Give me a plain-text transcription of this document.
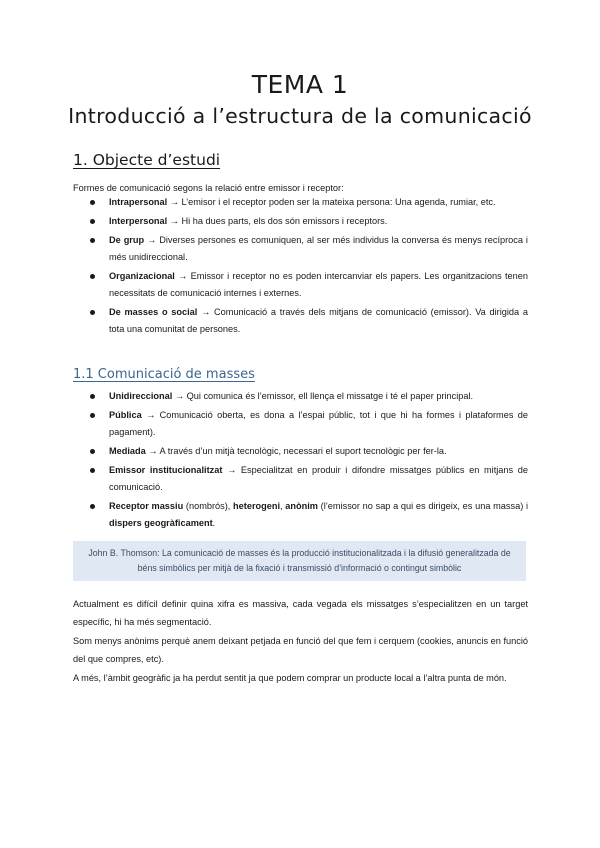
TEMA 1
Introducció a l’estructura de la comunicació
1. Objecte d’estudi
Formes de comunicació segons la relació entre emissor i receptor:
Intrapersonal → L’emisor i el receptor poden ser la mateixa persona: Una agenda, rumiar, etc.
Interpersonal → Hi ha dues parts, els dos són emissors i receptors.
De grup → Diverses persones es comuniquen, al ser més individus la conversa és menys recíproca i més unidireccional.
Organizacional → Emissor i receptor no es poden intercanviar els papers. Les organitzacions tenen necessitats de comunicació internes i externes.
De masses o social → Comunicació a través dels mitjans de comunicació (emissor). Va dirigida a tota una comunitat de persones.
1.1 Comunicació de masses
Unidireccional → Qui comunica és l’emissor, ell llença el missatge i té el paper principal.
Pública → Comunicació oberta, es dona a l’espai públic, tot i que hi ha formes i plataformes de pagament).
Mediada → A través d’un mitjà tecnològic, necessari el suport tecnològic per fer-la.
Emissor institucionalitzat → Especialitzat en produir i difondre missatges públics en mitjans de comunicació.
Receptor massiu (nombrós), heterogeni, anònim (l’emissor no sap a qui es dirigeix, es una massa) i dispers geogràficament.
John B. Thomson: La comunicació de masses és la producció institucionalitzada i la difusió generalitzada de béns simbòlics per mitjà de la fixació i transmissió d’informació o contingut simbòlic
Actualment es difícil definir quina xifra es massiva, cada vegada els missatges s’especialitzen en un target específic, hi ha més segmentació.
Som menys anònims perquè anem deixant petjada en funció del que fem i cerquem (cookies, anuncis en funció del que compres, etc).
A més, l’àmbit geogràfic ja ha perdut sentit ja que podem comprar un producte local a l’altra punta de món.
